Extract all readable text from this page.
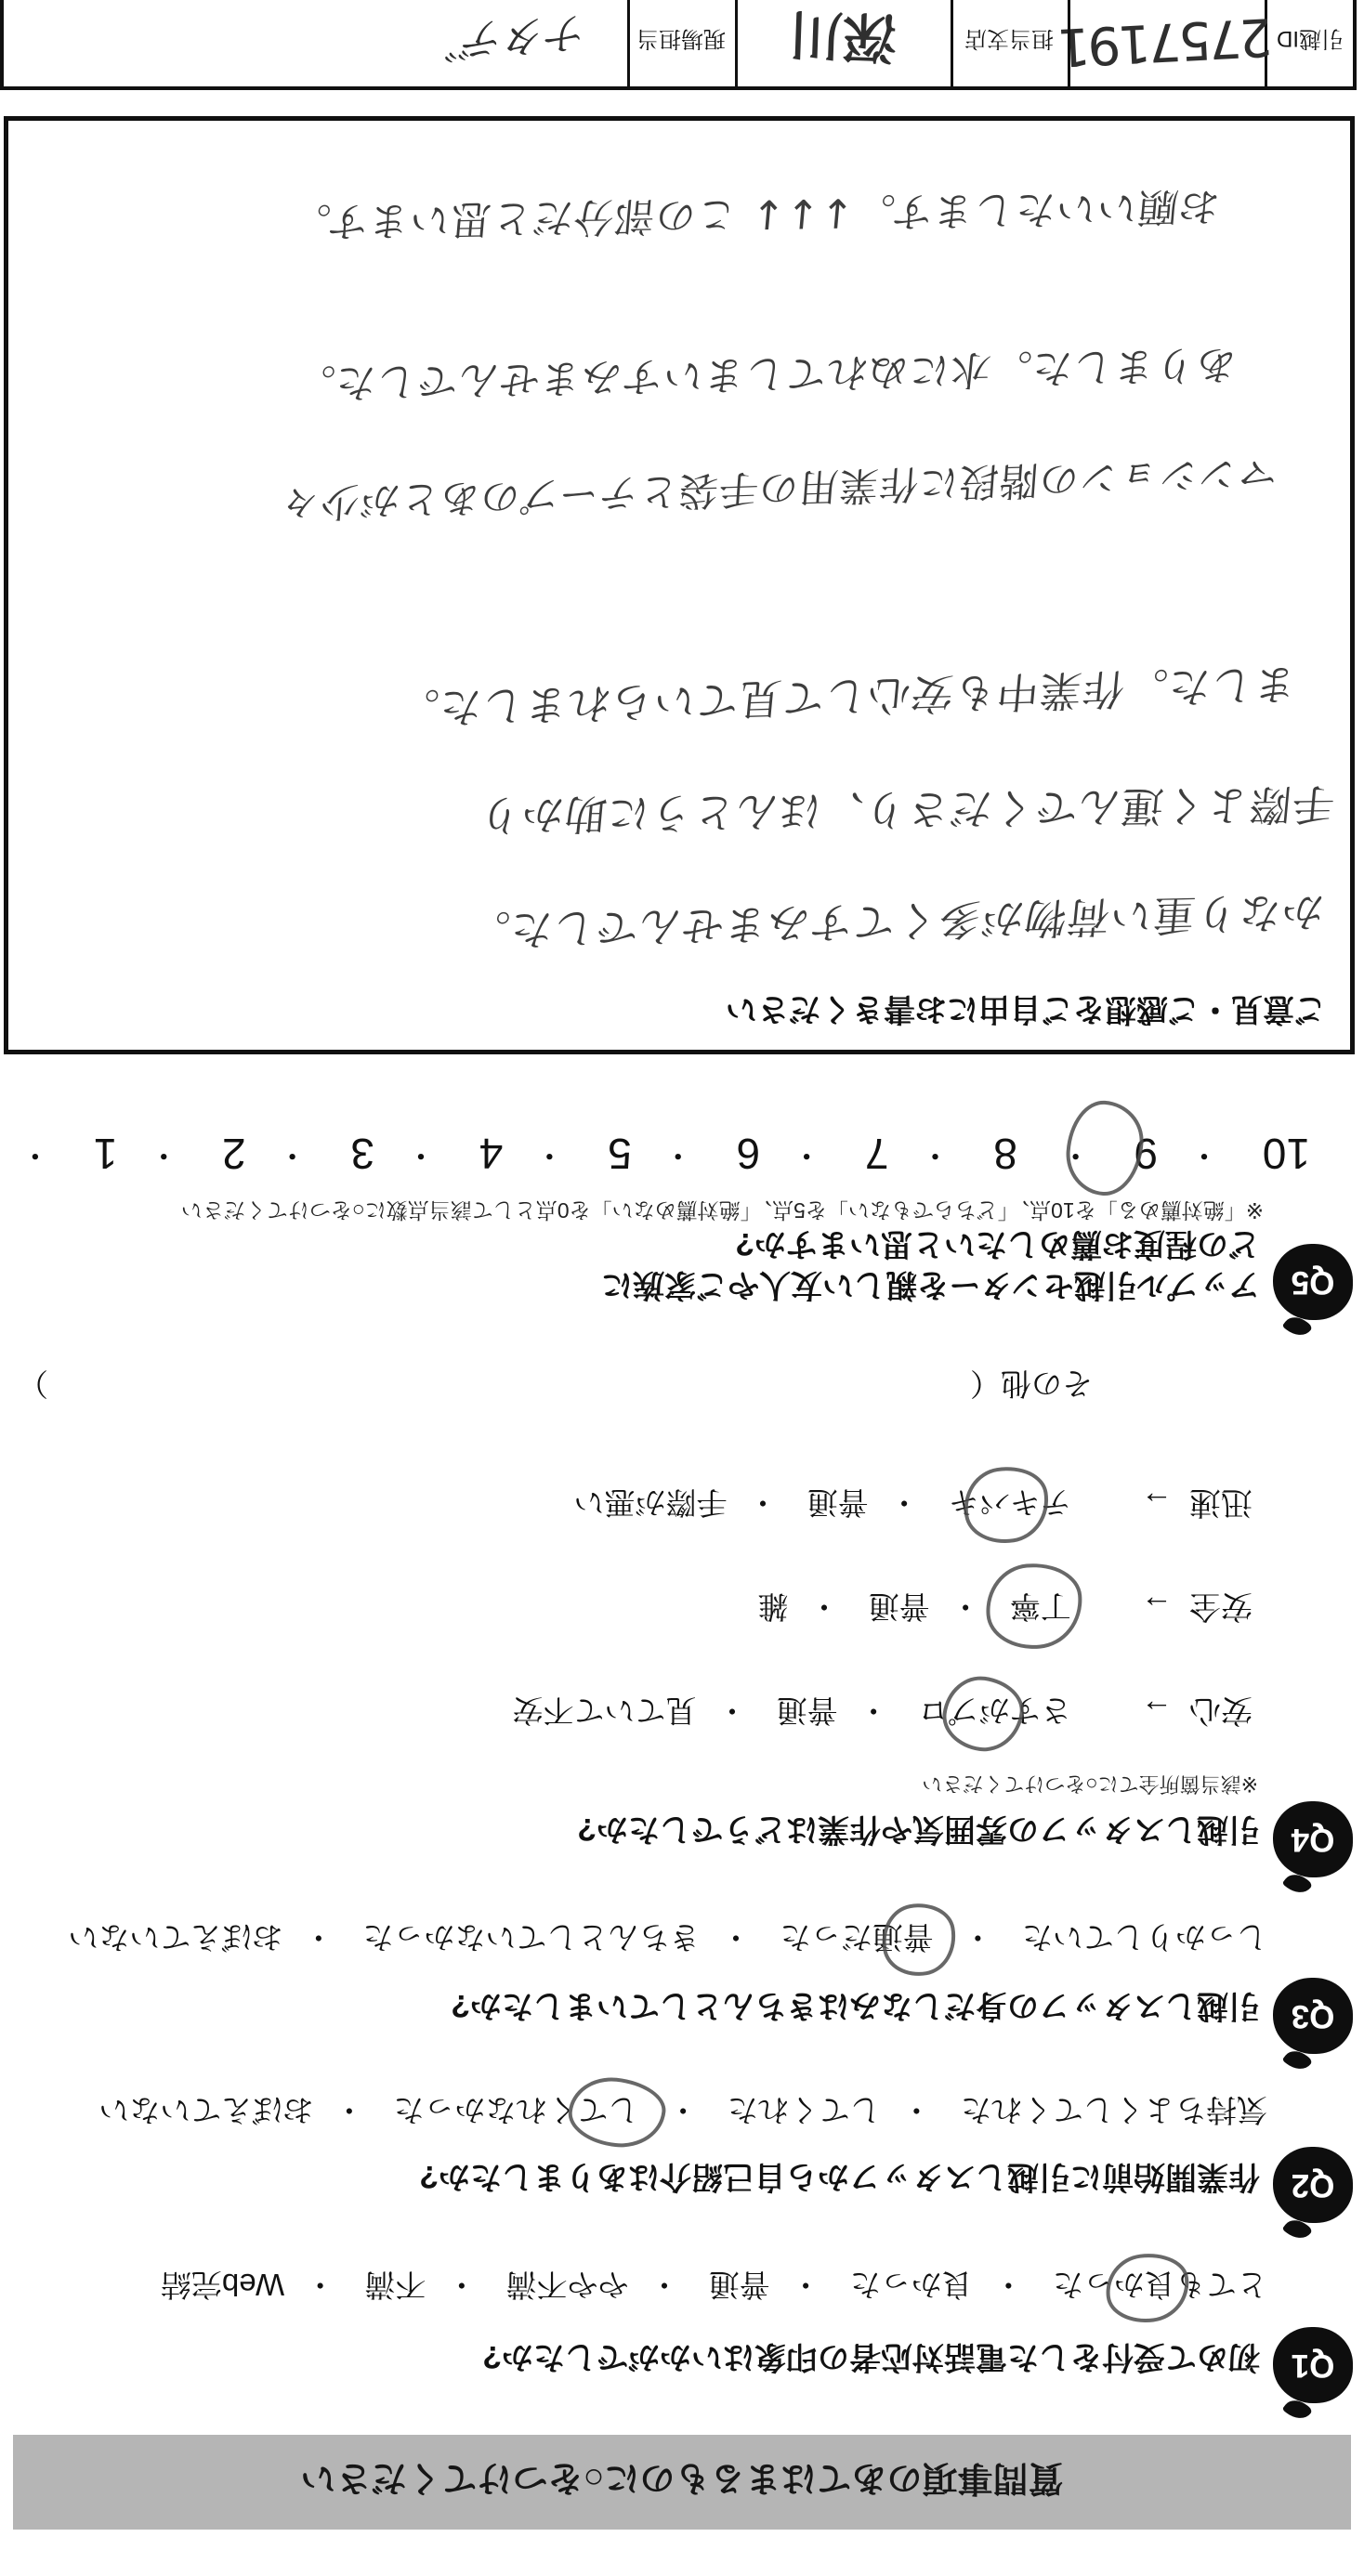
質問事項のあてはまるものに○をつけてください
Q1
初めて受付をした電話対応者の印象はいかがでしたか?
とても良かった
・ 良かった ・ 普通 ・ やや不満 ・ 不満 ・ Web完結
Q2
作業開始前に引越しスタッフから自己紹介はありましたか?
気持ちよくしてくれた ・ してくれた  ・ してくれなかった
・ おぼえていない
Q3
引越しスタッフの身だしなみはきちんとしていましたか?
しっかりしていた  ・ 普通だった
・ きちんとしていなかった ・ おぼえていない
Q4
引越しスタッフの雰囲気や作業はどうでしたか?
※該当箇所全てに○をつけてください
安心→ さすがプロ
・ 普通 ・ 見ていて不安
安全→ 丁寧
・ 普通 ・ 雑
迅速→ テキパキ
・ 普通 ・ 手際が悪い
その他（
）
Q5
アップル引越センターを親しい友人やご家族に
どの程度お薦めしたいと思いますか?
※「絶対薦める」を10点、「どちらでもない」を5点、「絶対薦めない」を0点として該当点数に○をつけてください
10 ・ 9  ・ 8
・ 7 ・ 6 ・ 5 ・ 4 ・ 3 ・ 2 ・ 1 ・
ご意見・ご感想をご自由にお書きください
かなり重い荷物が多くてすみませんでした。
手際よく運んでくださり、ほんとうに助かり
ました。作業中も安心して見ていられました。
マンションの階段に作業用の手袋とテープのあとが少々
ありました。水にぬれてしまいすみませんでした。
お願いいたします。↓↓↓ この部分だと思います。
引越ID
2757191
担当支店
深川
現場担当
ナタデ゛
